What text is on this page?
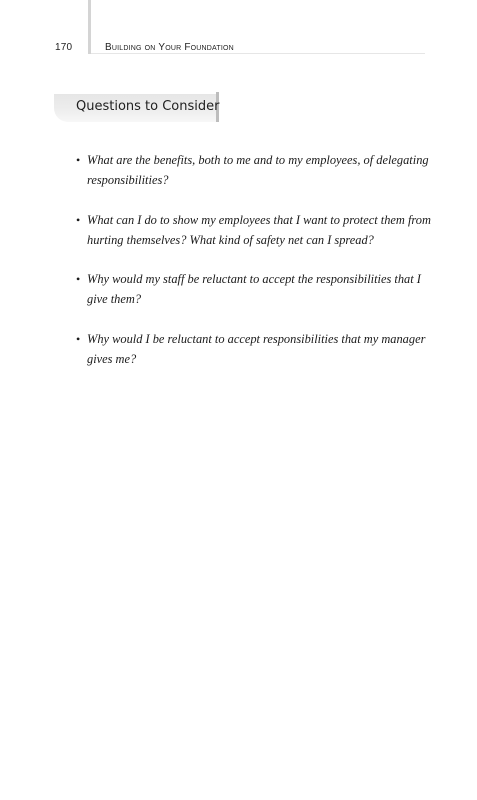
170	Building on Your Foundation
Questions to Consider
• What are the benefits, both to me and to my employees, of delegating responsibilities?
• What can I do to show my employees that I want to protect them from hurting themselves? What kind of safety net can I spread?
• Why would my staff be reluctant to accept the responsibilities that I give them?
• Why would I be reluctant to accept responsibilities that my manager gives me?
